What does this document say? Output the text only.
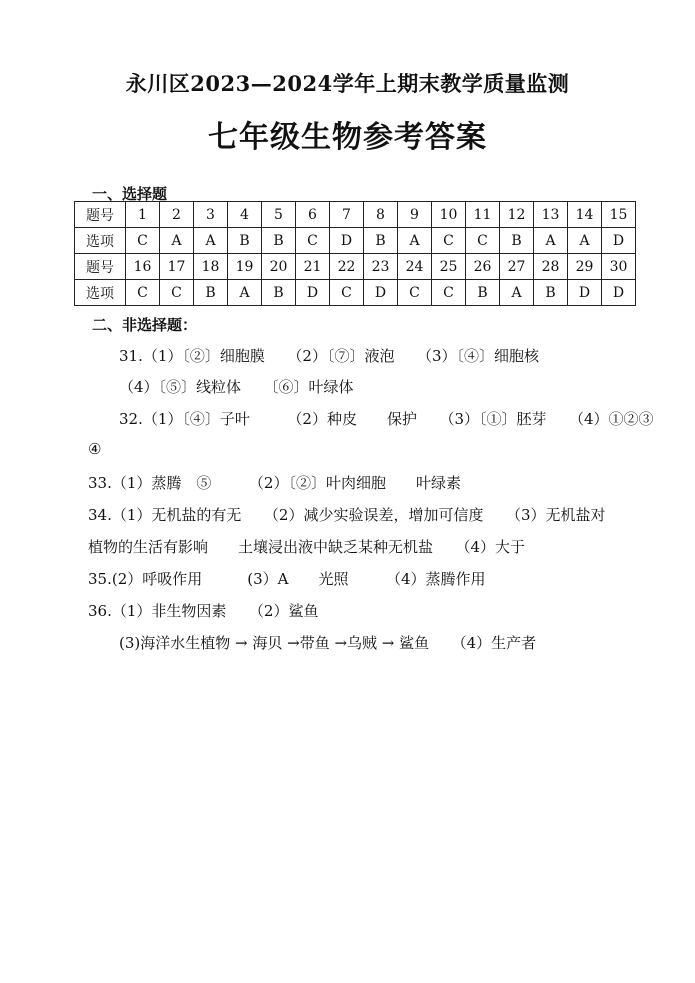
永川区2023—2024学年上期末教学质量监测
七年级生物参考答案
一、选择题
题号	1	2	3	4	5	6	7	8	9	10	11	12	13	14	15
选项	C	A	A	B	B	C	D	B	A	C	C	B	A	A	D
题号	16	17	18	19	20	21	22	23	24	25	26	27	28	29	30
选项	C	C	B	A	B	D	C	D	C	C	B	A	B	D	D
二、非选择题：
31.（1）〔②〕细胞膜　　（2）〔⑦〕液泡　　（3）〔④〕细胞核
（4）〔⑤〕线粒体　　〔⑥〕叶绿体
32.（1）〔④〕子叶　　　（2）种皮　　保护　　（3）〔①〕胚芽　　（4）①②③
④
33.（1）蒸腾　⑤　　　（2）〔②〕叶肉细胞　　叶绿素
34.（1）无机盐的有无　　（2）减少实验误差，增加可信度　　（3）无机盐对
植物的生活有影响　　土壤浸出液中缺乏某种无机盐　　（4）大于
35.(2）呼吸作用　　　(3）A　　光照　　　（4）蒸腾作用
36.（1）非生物因素　　（2）鲨鱼
(3)海洋水生植物 → 海贝 →带鱼 →乌贼 → 鲨鱼　　（4）生产者
